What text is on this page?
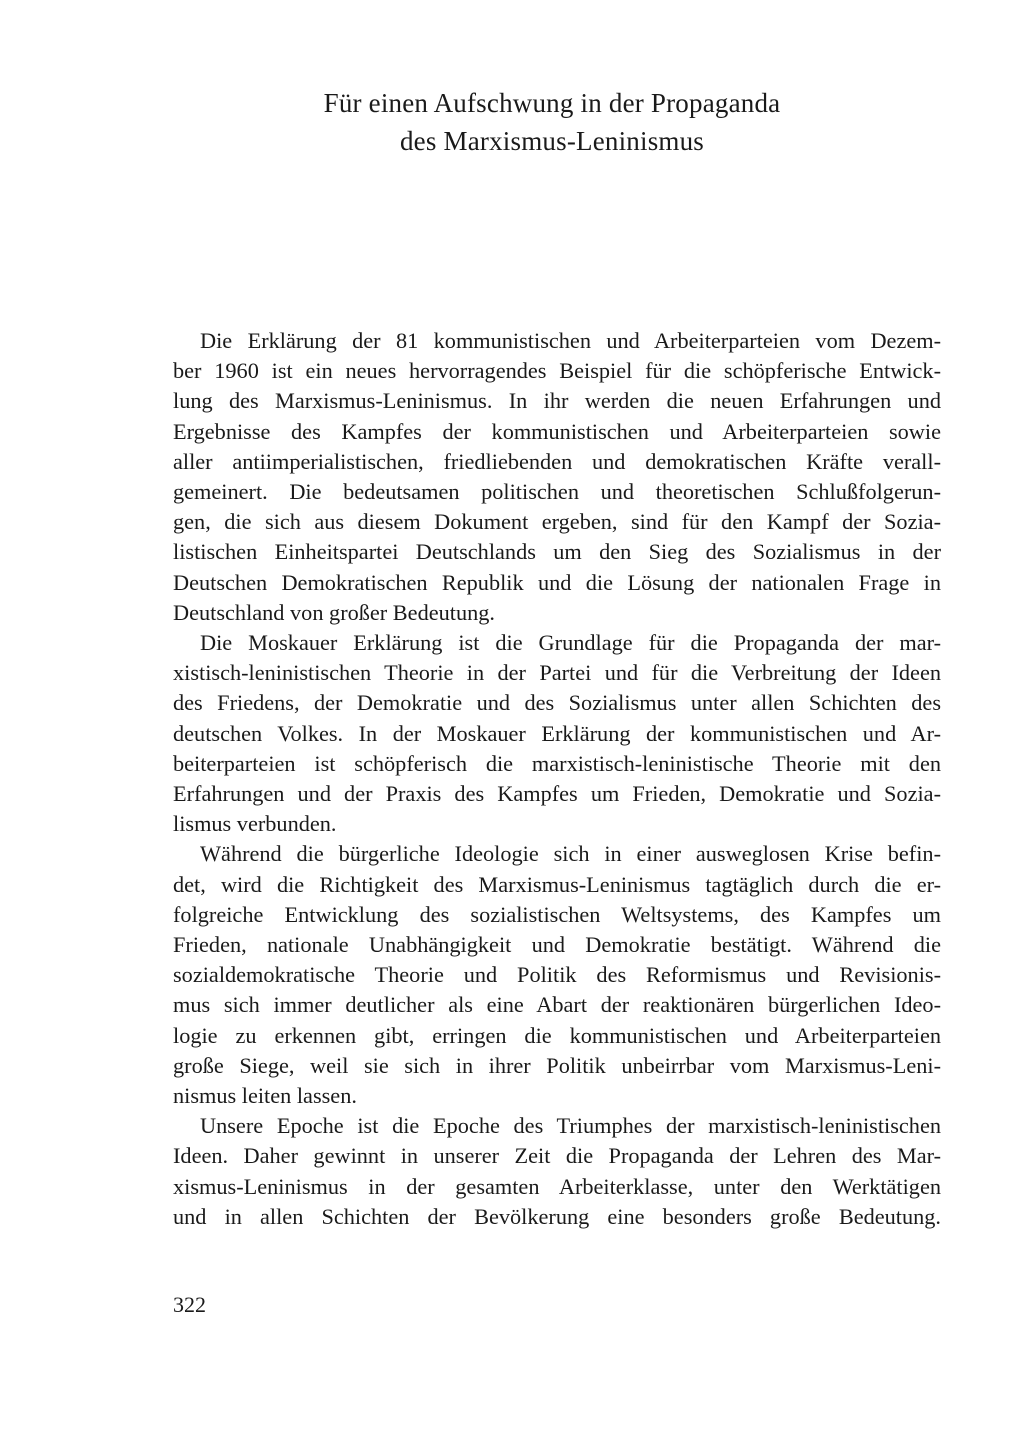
Für einen Aufschwung in der Propaganda
des Marxismus-Leninismus
Die Erklärung der 81 kommunistischen und Arbeiterparteien vom Dezem-
ber 1960 ist ein neues hervorragendes Beispiel für die schöpferische Entwick-
lung des Marxismus-Leninismus. In ihr werden die neuen Erfahrungen und
Ergebnisse des Kampfes der kommunistischen und Arbeiterparteien sowie
aller antiimperialistischen, friedliebenden und demokratischen Kräfte verall-
gemeinert. Die bedeutsamen politischen und theoretischen Schlußfolgerun-
gen, die sich aus diesem Dokument ergeben, sind für den Kampf der Sozia-
listischen Einheitspartei Deutschlands um den Sieg des Sozialismus in der
Deutschen Demokratischen Republik und die Lösung der nationalen Frage in
Deutschland von großer Bedeutung.
Die Moskauer Erklärung ist die Grundlage für die Propaganda der mar-
xistisch-leninistischen Theorie in der Partei und für die Verbreitung der Ideen
des Friedens, der Demokratie und des Sozialismus unter allen Schichten des
deutschen Volkes. In der Moskauer Erklärung der kommunistischen und Ar-
beiterparteien ist schöpferisch die marxistisch-leninistische Theorie mit den
Erfahrungen und der Praxis des Kampfes um Frieden, Demokratie und Sozia-
lismus verbunden.
Während die bürgerliche Ideologie sich in einer ausweglosen Krise befin-
det, wird die Richtigkeit des Marxismus-Leninismus tagtäglich durch die er-
folgreiche Entwicklung des sozialistischen Weltsystems, des Kampfes um
Frieden, nationale Unabhängigkeit und Demokratie bestätigt. Während die
sozialdemokratische Theorie und Politik des Reformismus und Revisionis-
mus sich immer deutlicher als eine Abart der reaktionären bürgerlichen Ideo-
logie zu erkennen gibt, erringen die kommunistischen und Arbeiterparteien
große Siege, weil sie sich in ihrer Politik unbeirrbar vom Marxismus-Leni-
nismus leiten lassen.
Unsere Epoche ist die Epoche des Triumphes der marxistisch-leninistischen
Ideen. Daher gewinnt in unserer Zeit die Propaganda der Lehren des Mar-
xismus-Leninismus in der gesamten Arbeiterklasse, unter den Werktätigen
und in allen Schichten der Bevölkerung eine besonders große Bedeutung.
322
